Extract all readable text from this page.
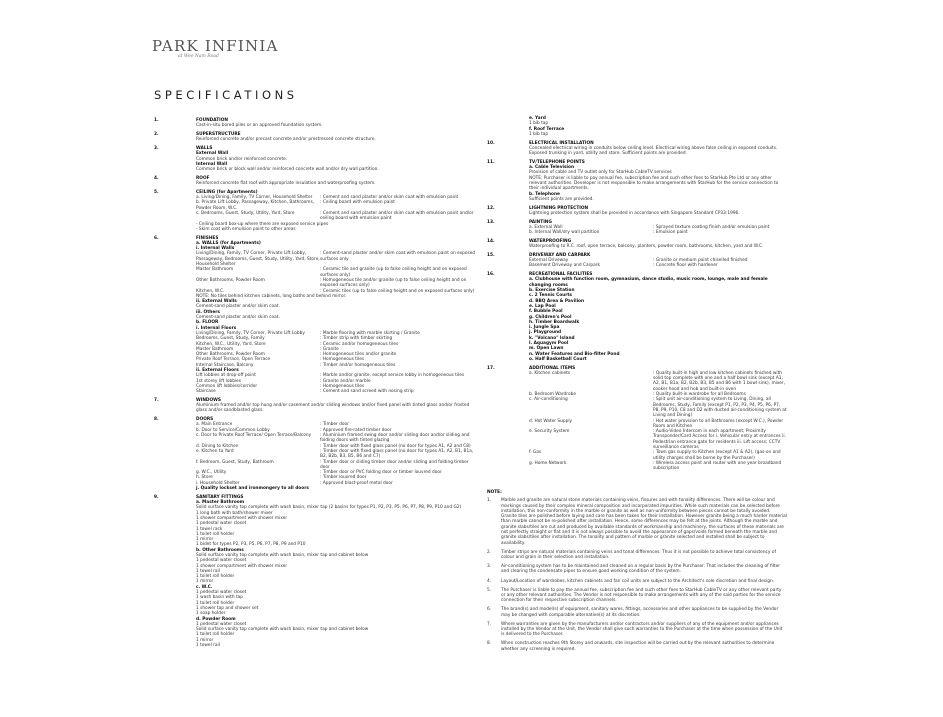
PARK INFINIA
at Wee Nam Road
SPECIFICATIONS
1.	FOUNDATION
Cast-in-situ bored piles or an approved foundation system.
2.	SUPERSTRUCTURE
Reinforced concrete and/or precast concrete and/or prestressed concrete structure.
3.	WALLS
External Wall
Common brick and/or reinforced concrete.
Internal Wall
Common brick or block wall and/or reinforced concrete wall and/or dry wall partition.
4.	ROOF
Reinforced concrete flat roof with appropriate insulation and waterproofing system.
5.	CEILING (for Apartments)
a. Living/Dining, Family, TV Corner, Household Shelter	: Cement and sand plaster and/or skim coat with emulsion paint
b. Private Lift Lobby, Passageway, Kitchen, Bathrooms, Powder Room, W.C.
: Ceiling board with emulsion paint
c. Bedrooms, Guest, Study, Utility, Yard, Store	: Cement and sand plaster and/or skim coat with emulsion paint and/or ceiling board with emulsion paint
- Ceiling board box-up where there are exposed service pipes
- Skim coat with emulsion paint to other areas
6.	FINISHES
a. WALLS (for Apartments)
i. Internal Walls
Living/Dining, Family, TV Corner, Private Lift Lobby, Passageway, Bedrooms, Guest, Study, Utility, Yard, Store, Household Shelter
: Cement-sand plaster and/or skim coat with emulsion paint on exposed surfaces only
Master Bathroom	: Ceramic tile and granite (up to false ceiling height and on exposed surfaces only)
Other Bathrooms, Powder Room	: Homogeneous tile and/or granite (up to false ceiling height and on exposed surfaces only)
Kitchen, W.C.	: Ceramic tiles (up to false ceiling height and on exposed surfaces only)
NOTE: No tiles behind kitchen cabinets, long baths and behind mirror.
ii. External Walls
Cement-sand plaster and/or skim coat.
iii. Others
Cement-sand plaster and/or skim coat.
b. FLOOR
i. Internal Floors
Living/Dining, Family, TV Corner, Private Lift Lobby	: Marble flooring with marble skirting / Granite
Bedrooms, Guest, Study, Family	: Timber strip with timber skirting
Kitchen, W.C., Utility, Yard, Store	: Ceramic and/or homogeneous tiles
Master Bathroom	: Granite
Other Bathrooms, Powder Room	: Homogeneous tiles and/or granite
Private Roof Terrace, Open Terrace	: Homogeneous tiles
Internal Staircase, Balcony	: Timber and/or homogeneous tiles
ii. External Floors
Lift lobbies at drop-off point	: Marble and/or granite, except service lobby in homogeneous tiles
1st storey lift lobbies	: Granite and/or marble
Common lift lobbies/corridor	: Homogeneous tiles
Staircase	: Cement and sand screed with nosing strip
7.	WINDOWS
Aluminium framed and/or top hung and/or casement and/or sliding windows and/or fixed panel with tinted glass and/or frosted glass and/or sandblasted glass.
8.	DOORS
a. Main Entrance	: Timber door
b. Door to Service/Common Lobby	: Approved fire-rated timber door
c. Door to Private Roof Terrace/ Open Terrace/Balcony	: Aluminium framed swing door and/or sliding door and/or sliding and folding doors with tinted glazing
d. Dining to Kitchen	: Timber door with fixed glass panel (no door for types A1, A2 and C8)
e. Kitchen to Yard	: Timber door with fixed glass panel (no door for types A1, A2, B1, B1a, B2, B2b, B3, B5, B6 and C7)
f. Bedroom, Guest, Study, Bathroom	: Timber door or sliding timber door and/or sliding and folding timber door
g. W.C., Utility	: Timber door or PVC folding door or timber louvred door
h. Store	: Timber louvred door
i. Household Shelter	: Approved blast-proof metal door
j. Quality lockset and ironmongery to all doors
9.	SANITARY FITTINGS
a. Master Bathroom
Solid surface vanity top complete with wash basin, mixer tap (2 basins for types P1, P2, P3, P5, P6, P7, P8, P9, P10 and G2)
1 long bath with bath/shower mixer
1 shower compartment with shower mixer
1 pedestal water closet
1 towel rack
1 toilet roll holder
1 mirror
1 bidet for types P2, P3, P5, P6, P7, P8, P9 and P10
b. Other Bathrooms
Solid surface vanity top complete with wash basin, mixer tap and cabinet below
1 pedestal water closet
1 shower compartment with shower mixer
1 towel rail
1 toilet roll holder
1 mirror
c. W.C.
1 pedestal water closet
1 wash basin with tap
1 toilet roll holder
1 shower tap and shower set
1 soap holder
d. Powder Room
1 pedestal water closet
Solid surface vanity top complete with wash basin, mixer tap and cabinet below
1 toilet roll holder
1 mirror
1 towel rail
e. Yard
1 bib tap
f. Roof Terrace
1 bib tap
10.	ELECTRICAL INSTALLATION
Concealed electrical wiring in conduits below ceiling level. Electrical wiring above false ceiling in exposed conduits. Exposed trunking in yard, utility and store. Sufficient points are provided.
11.	TV/TELEPHONE POINTS
a. Cable Television
Provision of cable and TV outlet only for StarHub CableTV services
NOTE: Purchaser is liable to pay annual fee, subscription fee and such other fees to StarHub Pte Ltd or any other relevant authorities. Developer is not responsible to make arrangements with StarHub for the service connection to their individual apartments.
b. Telephone
Sufficient points are provided.
12.	LIGHTNING PROTECTION
Lightning protection system shall be provided in accordance with Singapore Standard CP33:1996.
13.	PAINTING
a. External Wall	: Sprayed texture coating finish and/or emulsion paint
b. Internal Wall/dry wall partition	: Emulsion paint
14.	WATERPROOFING
Waterproofing to R.C. roof, open terrace, balcony, planters, powder room, bathrooms, kitchen, yard and W.C.
15.	DRIVEWAY AND CARPARK
External Driveway	: Granite or medium point chiselled finished
Basement Driveway and Carpark	: Concrete floor with hardener
16.	RECREATIONAL FACILITIES
a. Clubhouse with function room, gymnasium, dance studio, music room, lounge, male and female changing rooms
b. Exercise Station
c. 2 Tennis Courts
d. BBQ Area & Pavilion
e. Lap Pool
f. Bubble Pool
g. Children's Pool
h. Timber Boardwalk
i. Jungle Spa
j. Playground
k. "Volcano" Island
l. Aquagym Pool
m. Open Lawn
n. Water Features and Bio-filter Pond
o. Half Basketball Court
17.	ADDITIONAL ITEMS
a. Kitchen cabinets	: Quality built-in high and low kitchen cabinets finished with solid top complete with one and a half bowl sink (except A1, A2, B1, B1a, B2, B2b, B3, B5 and B6 with 1 bowl sink), mixer, cooker hood and hob and built-in oven
b. Bedroom Wardrobe	: Quality built-in wardrobe for all Bedrooms
c. Air-conditioning	: Split unit air-conditioning system to Living, Dining, all Bedrooms, Study, Family (except P1, P2, P3, P4, P5, P6, P7, P8, P9, P10, C8 and D2 with ducted air-conditioning system at Living and Dining)
d. Hot Water Supply	: Hot water provision to all Bathrooms (except W.C.), Powder Room and Kitchen
e. Security System	: Audio-Video Intercom in each apartment; Proximity Transponder/Card Access for i. Vehicular entry at entrances ii. Pedestrian entrance gate for residents iii. Lift access; CCTV surveillance cameras
f. Gas	: Town gas supply to Kitchen (except A1 & A2), (gas-on and utility charges shall be borne by the Purchaser)
g. Home Network	: Wireless access point and router with one year broadband subscription
NOTE:
1.	Marble and granite are natural stone materials containing veins, fissures and with tonality differences. There will be colour and markings caused by their complex mineral composition and incorporated impurities. While such materials can be selected before installation, this non-conformity in the marble or granite as well as non-uniformity between pieces cannot be totally avoided. Granite tiles are polished before laying and care has been taken for their installation. However granite being a much harder material than marble cannot be re-polished after installation. Hence, some differences may be felt at the joints. Although the marble and granite slabs/tiles are cut and produced by available standards of workmanship and machinery, the surfaces of these materials are not perfectly straight or flat and it is not always possible to avoid the appearance of gaps/voids formed beneath the marble and granite slabs/tiles after installation. The tonality and pattern of marble or granite selected and installed shall be subject to availability.
2.	Timber strips are natural materials containing veins and tonal differences. Thus it is not possible to achieve total consistency of colour and grain in their selection and installation.
3.	Air-conditioning system has to be maintained and cleaned on a regular basis by the Purchaser. That includes the cleaning of filter and clearing the condensate pipes to ensure good working condition of the system.
4.	Layout/Location of wardrobes, kitchen cabinets and fan coil units are subject to the Architect's sole discretion and final design.
5.	The Purchaser is liable to pay the annual fee, subscription fee and such other fees to StarHub CableTV or any other relevant party or any other relevant authorities. The Vendor is not responsible to make arrangements with any of the said parties for the service connection for their respective subscription channels.
6.	The brand(s) and model(s) of equipment, sanitary wares, fittings, accessories and other appliances to be supplied by the Vendor may be changed with comparable alternative(s) at its discretion.
7.	Where warranties are given by the manufacturers and/or contractors and/or suppliers of any of the equipment and/or appliances installed by the Vendor at the Unit, the Vendor shall give such warranties to the Purchaser at the time when possession of the Unit is delivered to the Purchaser.
8.	When construction reaches 9th Storey and onwards, site inspection will be carried out by the relevant authorities to determine whether any screening is required.
